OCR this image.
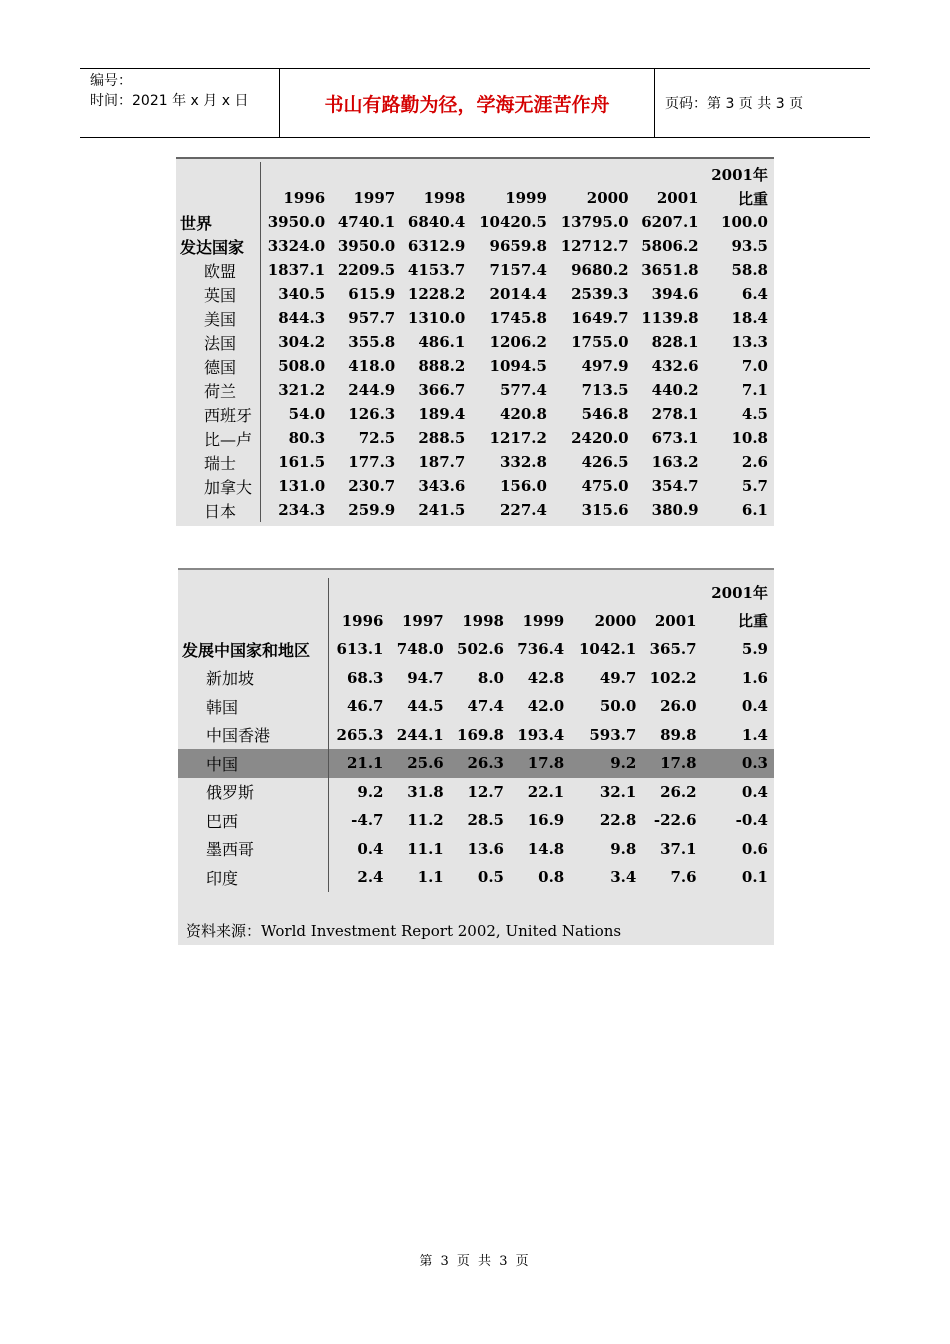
编号：
时间：2021 年 x 月 x 日	书山有路勤为径，学海无涯苦作舟	页码：第 3 页 共 3 页
							2001年
	1996	1997	1998	1999	2000	2001	比重
世界	3950.0	4740.1	6840.4	10420.5	13795.0	6207.1	100.0
发达国家	3324.0	3950.0	6312.9	9659.8	12712.7	5806.2	93.5
欧盟	1837.1	2209.5	4153.7	7157.4	9680.2	3651.8	58.8
英国	340.5	615.9	1228.2	2014.4	2539.3	394.6	6.4
美国	844.3	957.7	1310.0	1745.8	1649.7	1139.8	18.4
法国	304.2	355.8	486.1	1206.2	1755.0	828.1	13.3
德国	508.0	418.0	888.2	1094.5	497.9	432.6	7.0
荷兰	321.2	244.9	366.7	577.4	713.5	440.2	7.1
西班牙	54.0	126.3	189.4	420.8	546.8	278.1	4.5
比—卢	80.3	72.5	288.5	1217.2	2420.0	673.1	10.8
瑞士	161.5	177.3	187.7	332.8	426.5	163.2	2.6
加拿大	131.0	230.7	343.6	156.0	475.0	354.7	5.7
日本	234.3	259.9	241.5	227.4	315.6	380.9	6.1
							2001年
	1996	1997	1998	1999	2000	2001	比重
发展中国家和地区	613.1	748.0	502.6	736.4	1042.1	365.7	5.9
新加坡	68.3	94.7	8.0	42.8	49.7	102.2	1.6
韩国	46.7	44.5	47.4	42.0	50.0	26.0	0.4
中国香港	265.3	244.1	169.8	193.4	593.7	89.8	1.4
中国	21.1	25.6	26.3	17.8	9.2	17.8	0.3
俄罗斯	9.2	31.8	12.7	22.1	32.1	26.2	0.4
巴西	-4.7	11.2	28.5	16.9	22.8	-22.6	-0.4
墨西哥	0.4	11.1	13.6	14.8	9.8	37.1	0.6
印度	2.4	1.1	0.5	0.8	3.4	7.6	0.1
资料来源：World Investment Report 2002, United Nations
第 3 页 共 3 页
